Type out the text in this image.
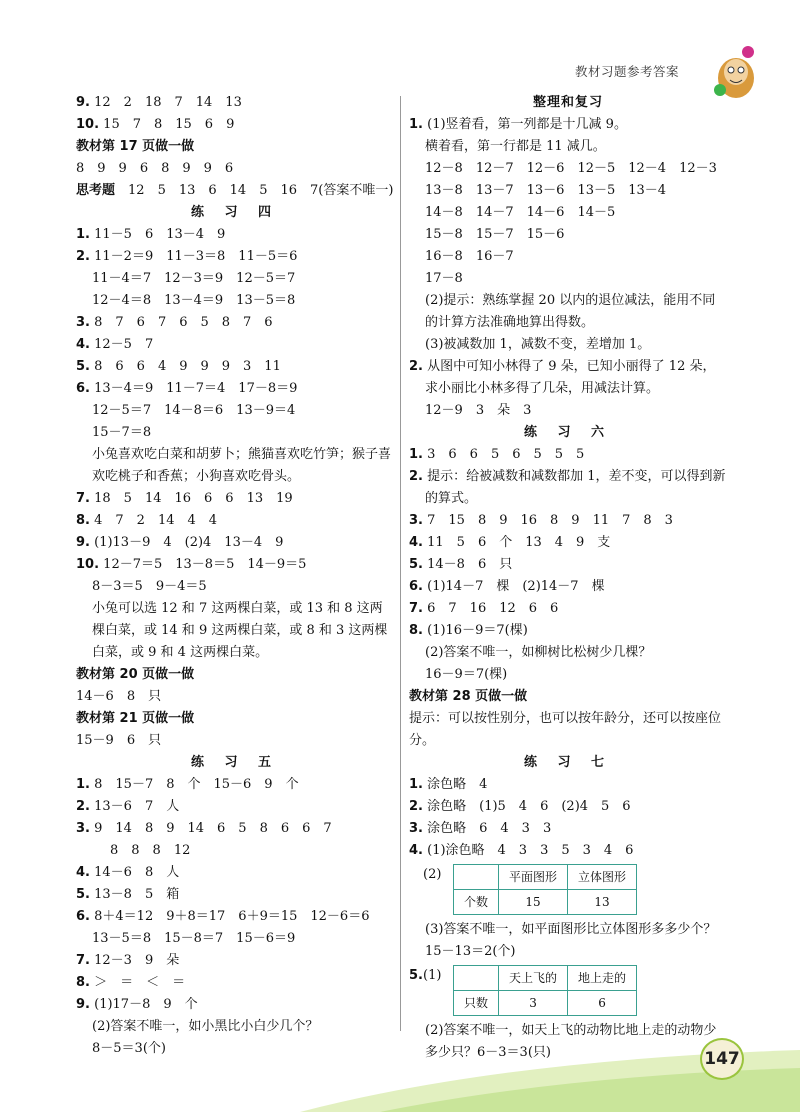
教材习题参考答案
9. 12　2　18　7　14　13
10. 15　7　8　15　6　9
教材第 17 页做一做
8　9　9　6　8　9　9　6
思考题　 12　5　13　6　14　5　16　7(答案不唯一)
练 习 四
1. 11－5　6　13－4　9
2. 11－2＝9　11－3＝8　11－5＝6
11－4＝7　12－3＝9　12－5＝7
12－4＝8　13－4＝9　13－5＝8
3. 8　7　6　7　6　5　8　7　6
4. 12－5　7
5. 8　6　6　4　9　9　9　3　11
6. 13－4＝9　11－7＝4　17－8＝9
12－5＝7　14－8＝6　13－9＝4
15－7＝8
小兔喜欢吃白菜和胡萝卜；熊猫喜欢吃竹笋；猴子喜欢吃桃子和香蕉；小狗喜欢吃骨头。
7. 18　5　14　16　6　6　13　19
8. 4　7　2　14　4　4
9. (1)13－9　4　(2)4　13－4　9
10. 12－7＝5　13－8＝5　14－9＝5
8－3＝5　9－4＝5
小兔可以选 12 和 7 这两棵白菜，或 13 和 8 这两棵白菜，或 14 和 9 这两棵白菜，或 8 和 3 这两棵白菜，或 9 和 4 这两棵白菜。
教材第 20 页做一做
14－6　8　只
教材第 21 页做一做
15－9　6　只
练 习 五
1. 8　15－7　8　个　15－6　9　个
2. 13－6　7　人
3. 9　14　8　9　14　6　5　8　6　6　7
8　8　8　12
4. 14－6　8　人
5. 13－8　5　箱
6. 8＋4＝12　9＋8＝17　6＋9＝15　12－6＝6
13－5＝8　15－8＝7　15－6＝9
7. 12－3　9　朵
8. ＞　＝　＜　＝
9. (1)17－8　9　个
(2)答案不唯一，如小黑比小白少几个？
8－5＝3(个)
整理和复习
1. (1)竖着看，第一列都是十几减 9。
横着看，第一行都是 11 减几。
12－8　12－7　12－6　12－5　12－4　12－3
13－8　13－7　13－6　13－5　13－4
14－8　14－7　14－6　14－5
15－8　15－7　15－6
16－8　16－7
17－8
(2)提示：熟练掌握 20 以内的退位减法，能用不同的计算方法准确地算出得数。
(3)被减数加 1，减数不变，差增加 1。
2. 从图中可知小林得了 9 朵，已知小丽得了 12 朵，求小丽比小林多得了几朵，用减法计算。
12－9　3　朵　3
练 习 六
1. 3　6　6　5　6　5　5　5
2. 提示：给被减数和减数都加 1，差不变，可以得到新的算式。
3. 7　15　8　9　16　8　9　11　7　8　3
4. 11　5　6　个　13　4　9　支
5. 14－8　6　只
6. (1)14－7　棵　(2)14－7　棵
7. 6　7　16　12　6　6
8. (1)16－9＝7(棵)
(2)答案不唯一，如柳树比松树少几棵？
16－9＝7(棵)
教材第 28 页做一做
提示：可以按性别分，也可以按年龄分，还可以按座位分。
练 习 七
1. 涂色略　4
2. 涂色略　(1)5　4　6　(2)4　5　6
3. 涂色略　6　4　3　3
4. (1)涂色略　4　3　3　5　3　4　6
(2)
		平面图形	立体图形
个数	15	13
(3)答案不唯一，如平面图形比立体图形多多少个？
15－13＝2(个)
5. (1)
		天上飞的	地上走的
只数	3	6
(2)答案不唯一，如天上飞的动物比地上走的动物少多少只？6－3＝3(只)	147
